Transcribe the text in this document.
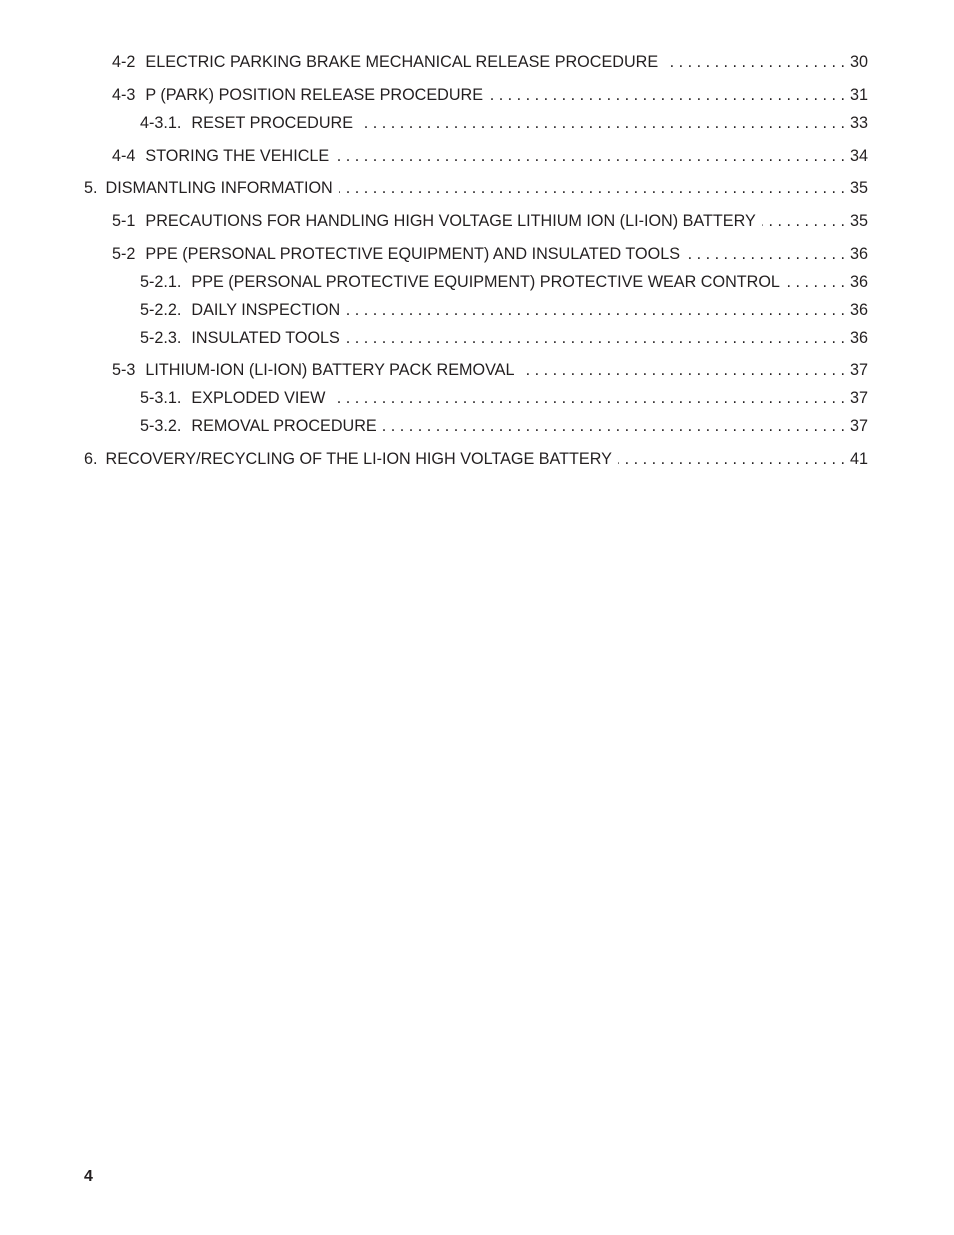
4-2 ELECTRIC PARKING BRAKE MECHANICAL RELEASE PROCEDURE . . .	30
4-3 P (PARK) POSITION RELEASE PROCEDURE . . .	31
4-3.1. RESET PROCEDURE . . .	33
4-4 STORING THE VEHICLE . . .	34
5. DISMANTLING INFORMATION . . .	35
5-1 PRECAUTIONS FOR HANDLING HIGH VOLTAGE LITHIUM ION (LI-ION) BATTERY . . .	35
5-2 PPE (PERSONAL PROTECTIVE EQUIPMENT) AND INSULATED TOOLS . . .	36
5-2.1. PPE (PERSONAL PROTECTIVE EQUIPMENT) PROTECTIVE WEAR CONTROL . . .	36
5-2.2. DAILY INSPECTION . . .	36
5-2.3. INSULATED TOOLS . . .	36
5-3 LITHIUM-ION (LI-ION) BATTERY PACK REMOVAL . . .	37
5-3.1. EXPLODED VIEW . . .	37
5-3.2. REMOVAL PROCEDURE . . .	37
6. RECOVERY/RECYCLING OF THE LI-ION HIGH VOLTAGE BATTERY . . .	41
4
